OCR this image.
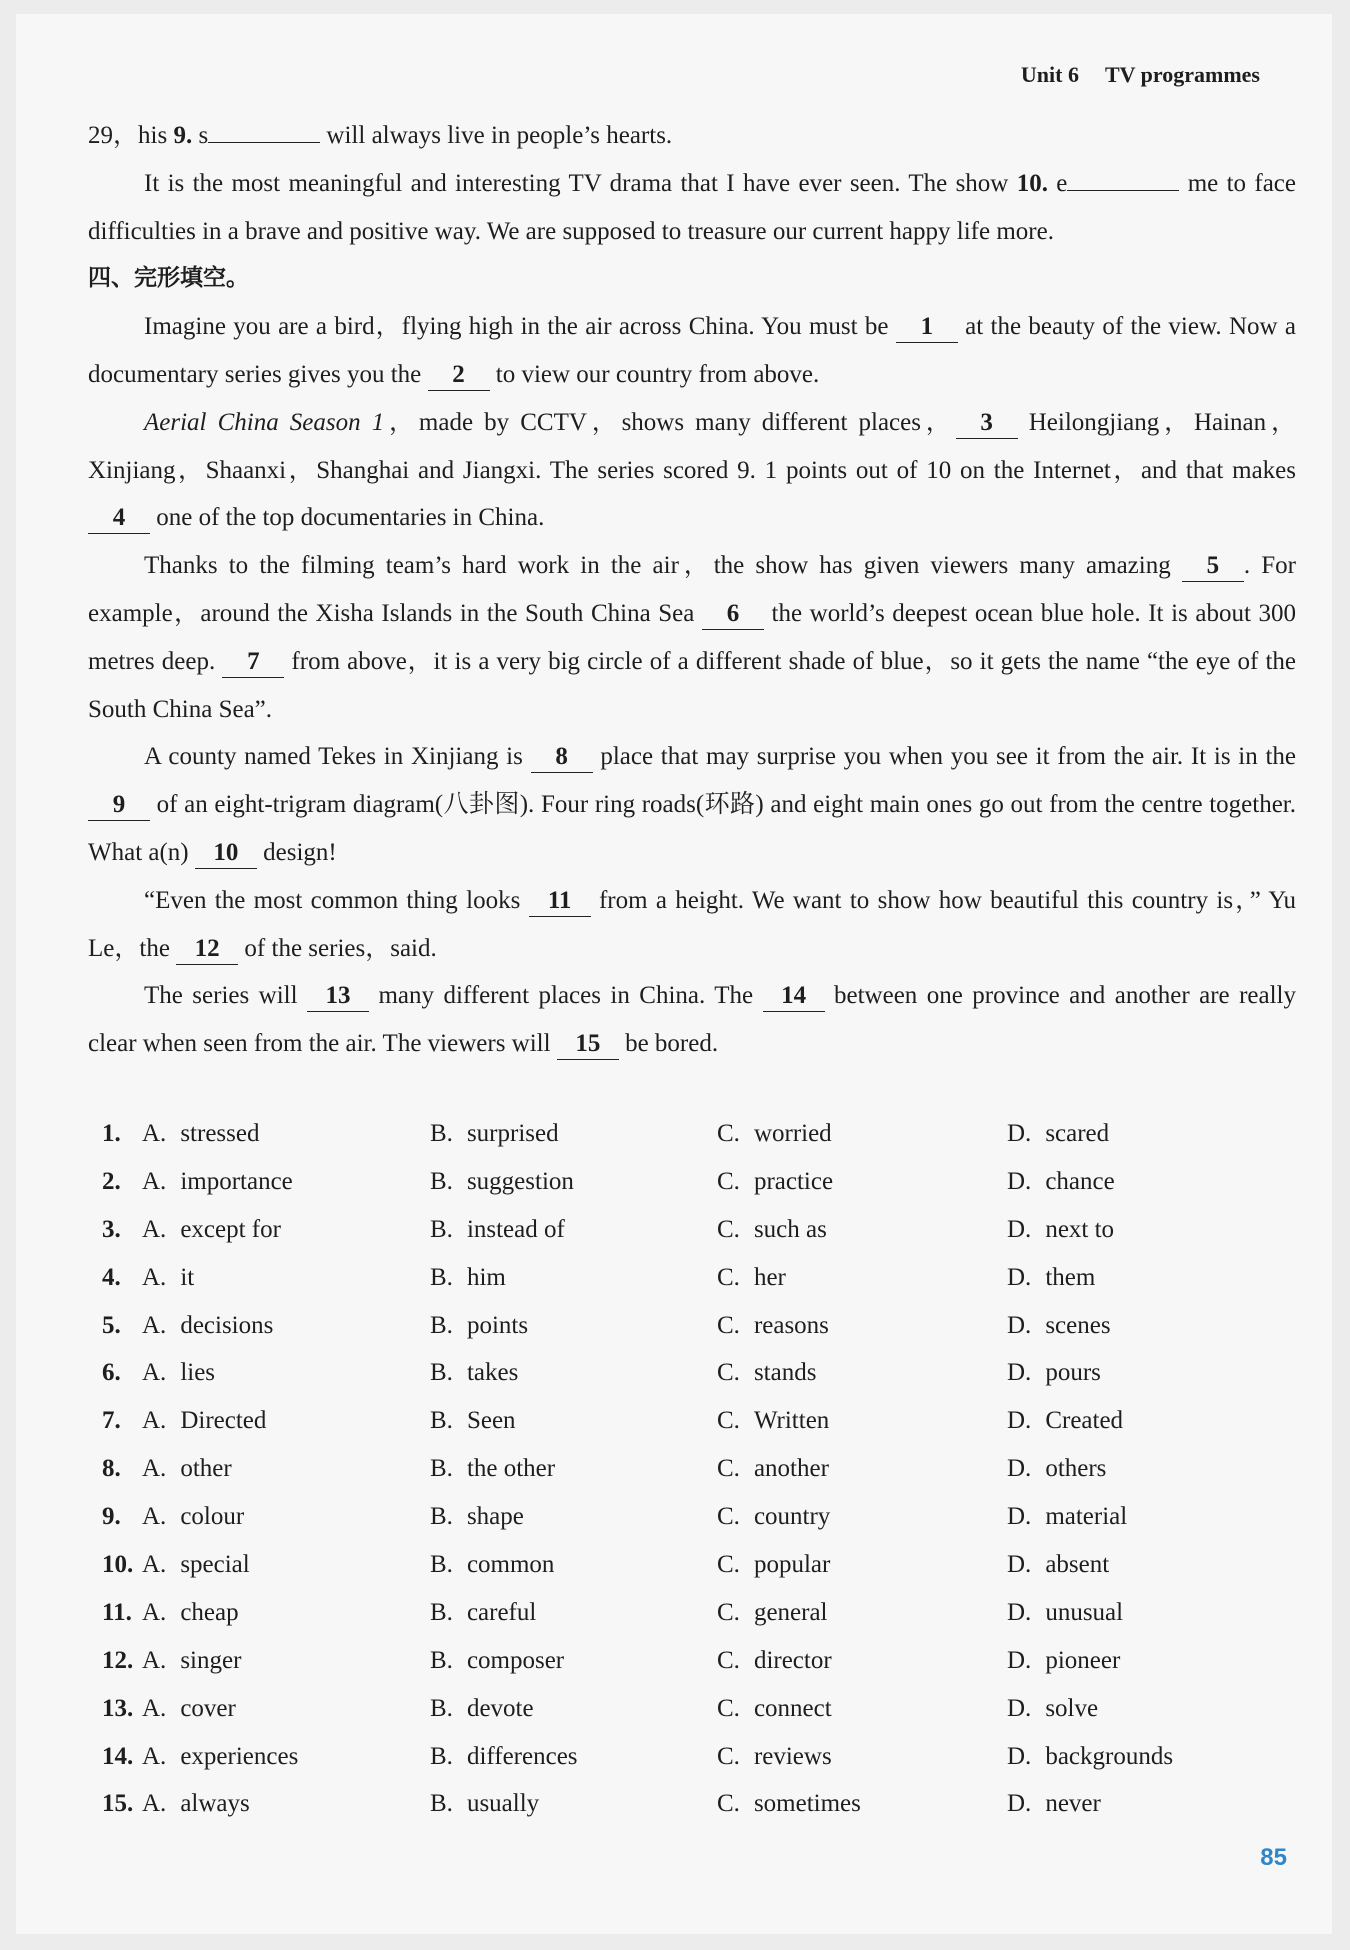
Unit 6 TV programmes

29，his 9. s	will always live in people’s hearts.

It is the most meaningful and interesting TV drama that I have ever seen. The show 10. e	me to face difficulties in a brave and positive way. We are supposed to treasure our current happy life more.

四、完形填空。

Imagine you are a bird，flying high in the air across China. You must be 1 at the beauty of the view. Now a documentary series gives you the 2 to view our country from above.

Aerial China Season 1，made by CCTV，shows many different places， 3 Heilongjiang，Hainan，Xinjiang，Shaanxi，Shanghai and Jiangxi. The series scored 9. 1 points out of 10 on the Internet，and that makes 4 one of the top documentaries in China.

Thanks to the filming team’s hard work in the air，the show has given viewers many amazing 5 . For example，around the Xisha Islands in the South China Sea 6 the world’s deepest ocean blue hole. It is about 300 metres deep. 7 from above，it is a very big circle of a different shade of blue，so it gets the name “the eye of the South China Sea”.

A county named Tekes in Xinjiang is 8 place that may surprise you when you see it from the air. It is in the 9 of an eight-trigram diagram(八卦图). Four ring roads(环路) and eight main ones go out from the centre together. What a(n) 10 design!

“Even the most common thing looks 11 from a height. We want to show how beautiful this country is，” Yu Le，the 12 of the series，said.

The series will 13 many different places in China. The 14 between one province and another are really clear when seen from the air. The viewers will 15 be bored.

1. A. stressed	B. surprised	C. worried	D. scared
2. A. importance	B. suggestion	C. practice	D. chance
3. A. except for	B. instead of	C. such as	D. next to
4. A. it	B. him	C. her	D. them
5. A. decisions	B. points	C. reasons	D. scenes
6. A. lies	B. takes	C. stands	D. pours
7. A. Directed	B. Seen	C. Written	D. Created
8. A. other	B. the other	C. another	D. others
9. A. colour	B. shape	C. country	D. material
10. A. special	B. common	C. popular	D. absent
11. A. cheap	B. careful	C. general	D. unusual
12. A. singer	B. composer	C. director	D. pioneer
13. A. cover	B. devote	C. connect	D. solve
14. A. experiences	B. differences	C. reviews	D. backgrounds
15. A. always	B. usually	C. sometimes	D. never
85
